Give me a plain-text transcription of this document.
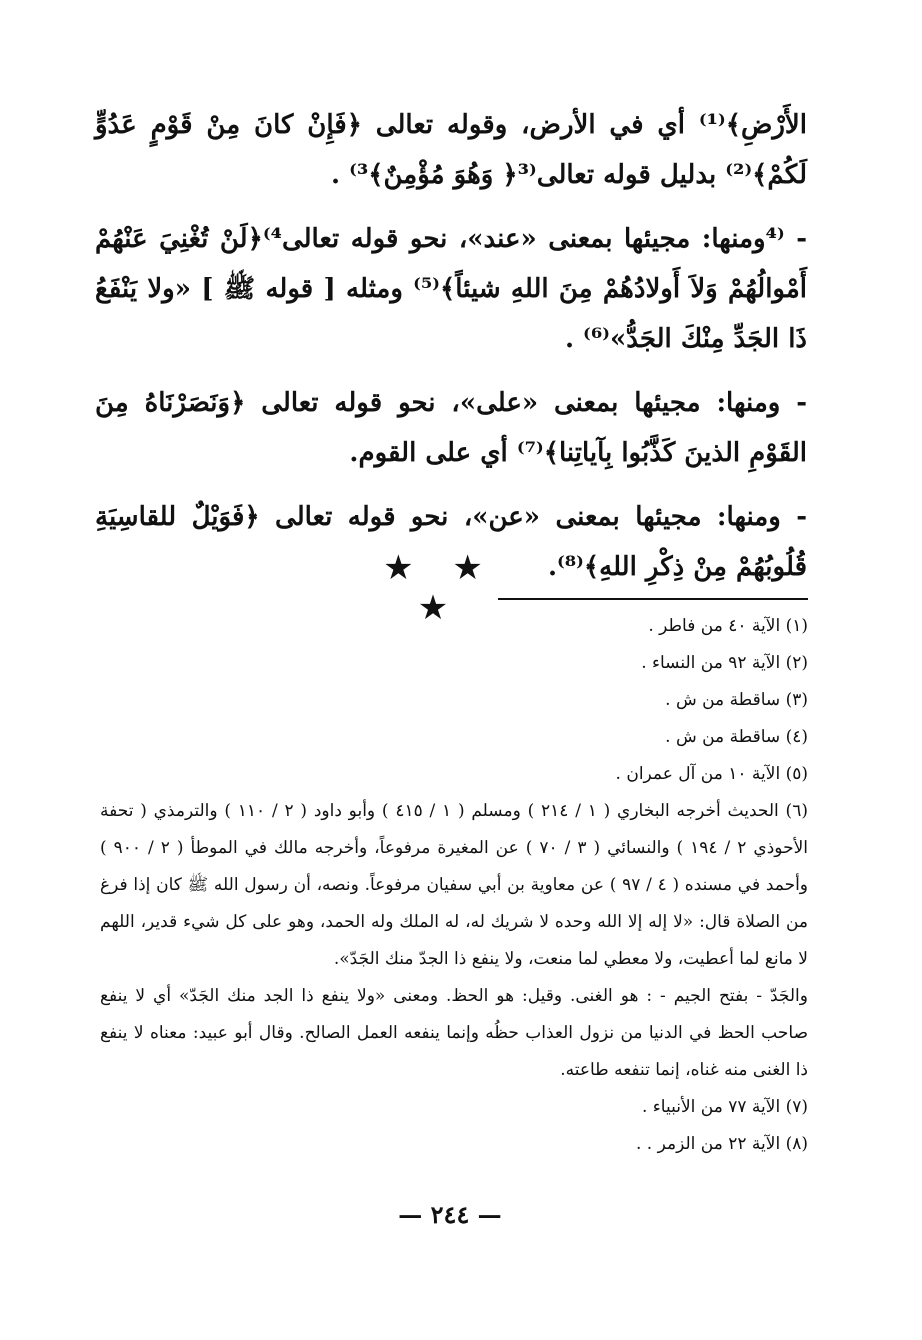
الأَرْضِ﴾⁽¹⁾ أي في الأرض، وقوله تعالى ﴿فَإِنْ كانَ مِنْ قَوْمٍ عَدُوٍّ لَكُمْ﴾⁽²⁾ بدليل قوله تعالى⁽³﴿ وَهُوَ مُؤْمِنٌ﴾³⁾ .

- ⁽⁴ومنها: مجيئها بمعنى «عند»، نحو قوله تعالى⁴⁾﴿لَنْ تُغْنِيَ عَنْهُمْ أَمْوالُهُمْ وَلاَ أَولادُهُمْ مِنَ اللهِ شيئاً﴾⁽⁵⁾ ومثله [ قوله ﷺ ] «ولا يَنْفَعُ ذَا الجَدِّ مِنْكَ الجَدُّ»⁽⁶⁾ .

- ومنها: مجيئها بمعنى «على»، نحو قوله تعالى ﴿وَنَصَرْنَاهُ مِنَ القَوْمِ الذينَ كَذَّبُوا بِآياتِنا﴾⁽⁷⁾ أي على القوم.

- ومنها: مجيئها بمعنى «عن»، نحو قوله تعالى ﴿فَوَيْلٌ للقاسِيَةِ قُلُوبُهُمْ مِنْ ذِكْرِ اللهِ﴾⁽⁸⁾.

★ ★ ★	(١) الآية ٤٠ من فاطر .

(٢) الآية ٩٢ من النساء .

(٣) ساقطة من ش .

(٤) ساقطة من ش .

(٥) الآية ١٠ من آل عمران .

(٦) الحديث أخرجه البخاري ( ١ / ٢١٤ ) ومسلم ( ١ / ٤١٥ ) وأبو داود ( ٢ / ١١٠ ) والترمذي ( تحفة الأحوذي ٢ / ١٩٤ ) والنسائي ( ٣ / ٧٠ ) عن المغيرة مرفوعاً، وأخرجه مالك في الموطأ ( ٢ / ٩٠٠ ) وأحمد في مسنده ( ٤ / ٩٧ ) عن معاوية بن أبي سفيان مرفوعاً. ونصه، أن رسول الله ﷺ كان إذا فرغ من الصلاة قال: «لا إله إلا الله وحده لا شريك له، له الملك وله الحمد، وهو على كل شيء قدير، اللهم لا مانع لما أعطيت، ولا معطي لما منعت، ولا ينفع ذا الجدّ منك الجَدّ».

والجَدّ - بفتح الجيم - : هو الغنى. وقيل: هو الحظ. ومعنى «ولا ينفع ذا الجد منك الجَدّ» أي لا ينفع صاحب الحظ في الدنيا من نزول العذاب حظُه وإنما ينفعه العمل الصالح. وقال أبو عبيد: معناه لا ينفع ذا الغنى منه غناه، إنما تنفعه طاعته.

(٧) الآية ٧٧ من الأنبياء .

(٨) الآية ٢٢ من الزمر . .

— ٢٤٤ —
